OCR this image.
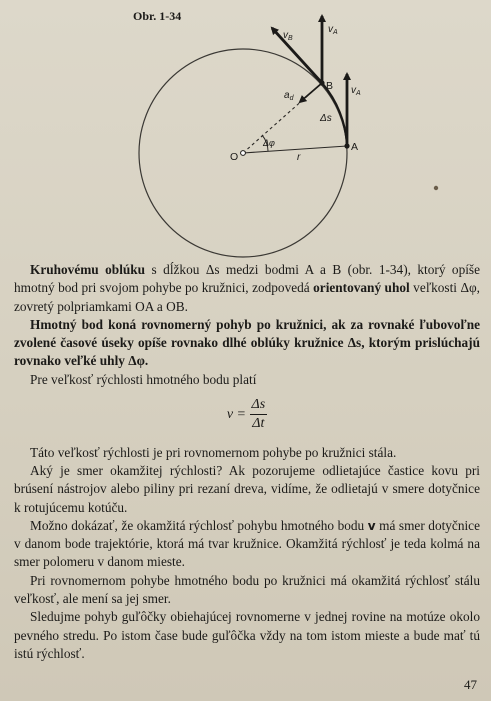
Obr. 1-34
$v_B$
$v_A$
$v_A$
$a_d$
Δs
Δφ
r
B
A
O

Kruhovému oblúku s dĺžkou Δs medzi bodmi A a B (obr. 1-34), ktorý opíše hmotný bod pri svojom pohybe po kružnici, zodpovedá orientovaný uhol veľkosti Δφ, zovretý polpriamkami OA a OB.

Hmotný bod koná rovnomerný pohyb po kružnici, ak za rovnaké ľubovoľne zvolené časové úseky opíše rovnako dlhé oblúky kružnice Δs, ktorým prislúchajú rovnako veľké uhly Δφ.

Pre veľkosť rýchlosti hmotného bodu platí

$v = \frac{\Delta s}{\Delta t}$

Táto veľkosť rýchlosti je pri rovnomernom pohybe po kružnici stála.

Aký je smer okamžitej rýchlosti? Ak pozorujeme odlietajúce častice kovu pri brúsení nástrojov alebo piliny pri rezaní dreva, vidíme, že odlietajú v smere dotyčnice k rotujúcemu kotúču.

Možno dokázať, že okamžitá rýchlosť pohybu hmotného bodu v má smer dotyčnice v danom bode trajektórie, ktorá má tvar kružnice. Okamžitá rýchlosť je teda kolmá na smer polomeru v danom mieste.

Pri rovnomernom pohybe hmotného bodu po kružnici má okamžitá rýchlosť stálu veľkosť, ale mení sa jej smer.

Sledujme pohyb guľôčky obiehajúcej rovnomerne v jednej rovine na motúze okolo pevného stredu. Po istom čase bude guľôčka vždy na tom istom mieste a bude mať tú istú rýchlosť.

47
